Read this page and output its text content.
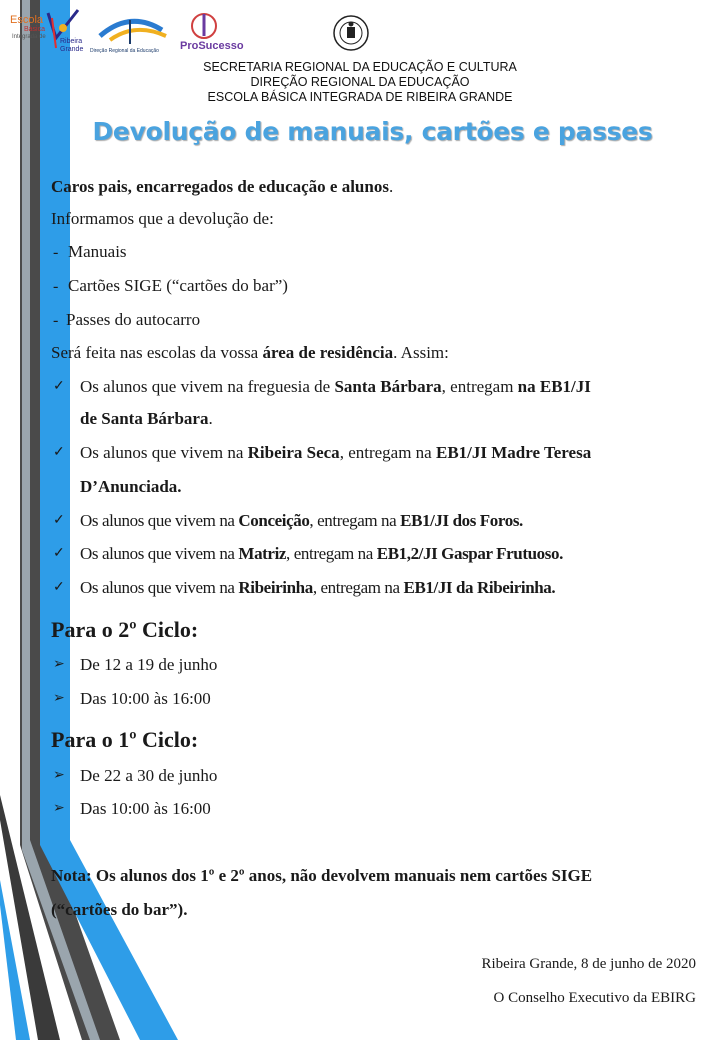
Escola
Básica
Integrada de
Ribeira
Grande Direção Regional da Educação	ProSucesso
SECRETARIA REGIONAL DA EDUCAÇÃO E CULTURA
DIREÇÃO REGIONAL DA EDUCAÇÃO
ESCOLA BÁSICA INTEGRADA DE RIBEIRA GRANDE
Devolução de manuais, cartões e passes
Caros pais, encarregados de educação e alunos.
Informamos que a devolução de:
- Manuais
- Cartões SIGE (“cartões do bar”)
- Passes do autocarro
Será feita nas escolas da vossa área de residência. Assim:
✓ Os alunos que vivem na freguesia de Santa Bárbara, entregam na EB1/JI
de Santa Bárbara.
✓ Os alunos que vivem na Ribeira Seca, entregam na EB1/JI Madre Teresa
D’Anunciada.
✓ Os alunos que vivem na Conceição, entregam na EB1/JI dos Foros.
✓ Os alunos que vivem na Matriz, entregam na EB1,2/JI Gaspar Frutuoso.
✓ Os alunos que vivem na Ribeirinha, entregam na EB1/JI da Ribeirinha.
Para o 2º Ciclo:
➢ De 12 a 19 de junho
➢ Das 10:00 às 16:00
Para o 1º Ciclo:
➢ De 22 a 30 de junho
➢ Das 10:00 às 16:00
Nota: Os alunos dos 1º e 2º anos, não devolvem manuais nem cartões SIGE
(“cartões do bar”).
Ribeira Grande, 8 de junho de 2020
O Conselho Executivo da EBIRG
